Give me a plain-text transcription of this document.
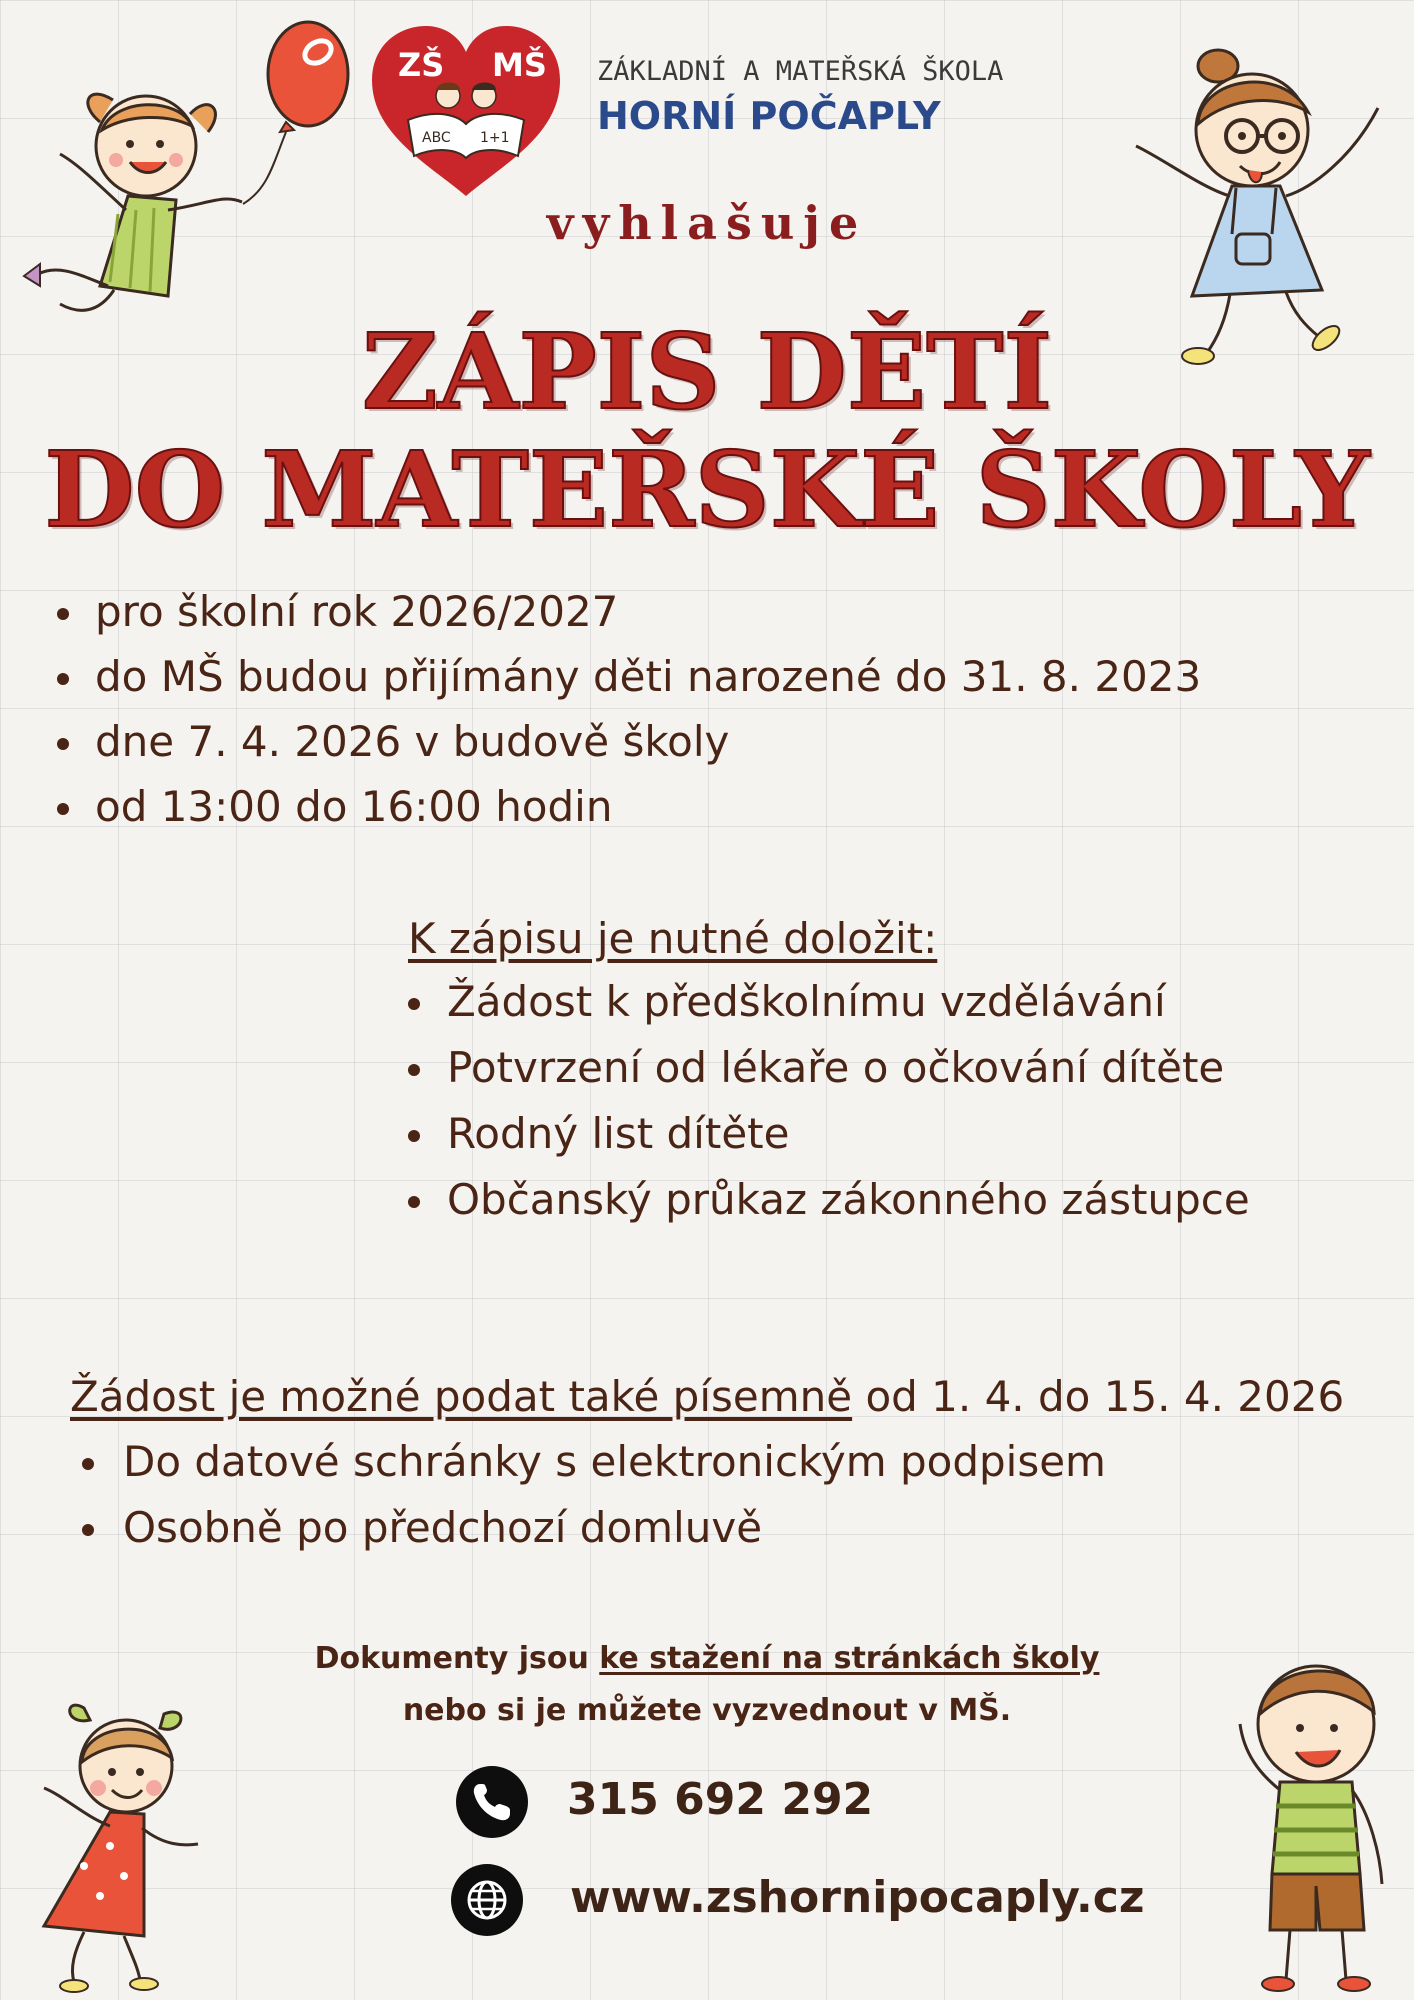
ZŠ MŠ
ABC 1+1
ZÁKLADNÍ A MATEŘSKÁ ŠKOLA
HORNÍ POČAPLY
vyhlašuje
ZÁPIS DĚTÍ
DO MATEŘSKÉ ŠKOLY
pro školní rok 2026/2027
do MŠ budou přijímány děti narozené do 31. 8. 2023
dne 7. 4. 2026 v budově školy
od 13:00 do 16:00 hodin
K zápisu je nutné doložit:
Žádost k předškolnímu vzdělávání
Potvrzení od lékaře o očkování dítěte
Rodný list dítěte
Občanský průkaz zákonného zástupce
Žádost je možné podat také písemně od 1. 4. do 15. 4. 2026
Do datové schránky s elektronickým podpisem
Osobně po předchozí domluvě
Dokumenty jsou ke stažení na stránkách školy
nebo si je můžete vyzvednout v MŠ.
315 692 292
www.zshornipocaply.cz
